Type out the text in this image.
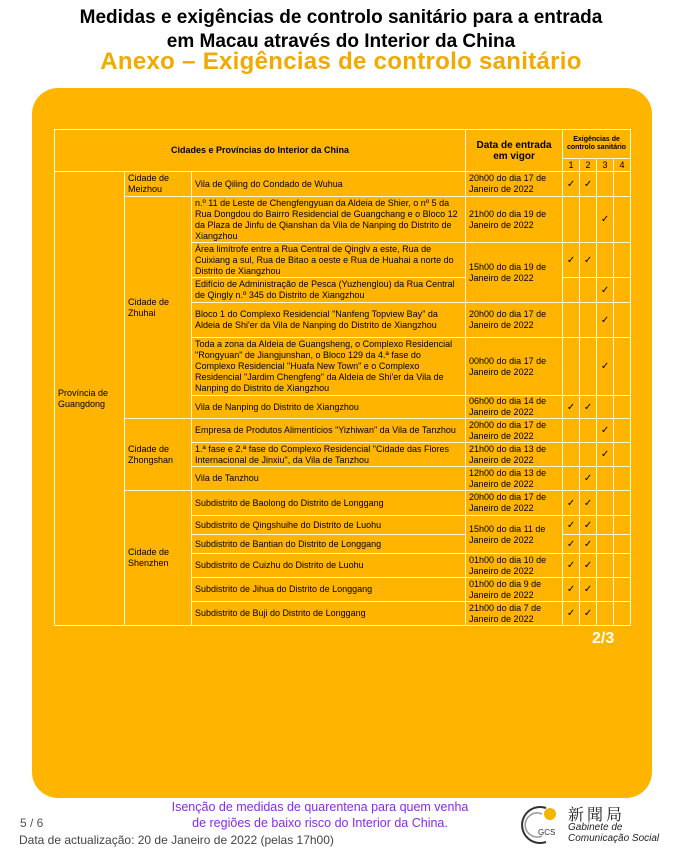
Medidas e exigências de controlo sanitário para a entrada
em Macau através do Interior da China
Anexo – Exigências de controlo sanitário
Cidades e Províncias do Interior da China			Data de entrada em vigor	Exigências de controlo sanitário			
				1	2	3	4
Província de Guangdong	Cidade de Meizhou	Vila de Qiling do Condado de Wuhua	20h00 do dia 17 de Janeiro de 2022	✓	✓		
	Cidade de Zhuhai	n.º 11 de Leste de Chengfengyuan da Aldeia de Shier, o nº 5 da Rua Dongdou do Bairro Residencial de Guangchang e o Bloco 12 da Plaza de Jinfu de Qianshan da Vila de Nanping do Distrito de Xiangzhou	21h00 do dia 19 de Janeiro de 2022			✓	
		Área limítrofe entre a Rua Central de Qinglv a este, Rua de Cuixiang a sul, Rua de Bitao a oeste e Rua de Huahai a norte do Distrito de Xiangzhou	15h00 do dia 19 de Janeiro de 2022	✓	✓		
		Edifício de Administração de Pesca (Yuzhenglou) da Rua Central de Qingly n.º 345 do Distrito de Xiangzhou				✓	
		Bloco 1 do Complexo Residencial "Nanfeng Topview Bay" da Aldeia de Shi'er da Vila de Nanping do Distrito de Xiangzhou	20h00 do dia 17 de Janeiro de 2022			✓	
		Toda a zona da Aldeia de Guangsheng, o Complexo Residencial "Rongyuan" de Jiangjunshan, o Bloco 129 da 4.ª fase do Complexo Residencial "Huafa New Town" e o Complexo Residencial "Jardim Chengfeng" da Aldeia de Shi'er da Vila de Nanping do Distrito de Xiangzhou	00h00 do dia 17 de Janeiro de 2022			✓	
		Vila de Nanping do Distrito de Xiangzhou	06h00 do dia 14 de Janeiro de 2022	✓	✓		
	Cidade de Zhongshan	Empresa de Produtos Alimentícios "Yizhiwan" da Vila de Tanzhou	20h00 do dia 17 de Janeiro de 2022			✓	
		1.ª fase e 2.ª fase do Complexo Residencial "Cidade das Flores Internacional de Jinxiu", da Vila de Tanzhou	21h00 do dia 13 de Janeiro de 2022			✓	
		Vila de Tanzhou	12h00 do dia 13 de Janeiro de 2022		✓		
	Cidade de Shenzhen	Subdistrito de Baolong do Distrito de Longgang	20h00 do dia 17 de Janeiro de 2022	✓	✓		
		Subdistrito de Qingshuihe do Distrito de Luohu	15h00 do dia 11 de Janeiro de 2022	✓	✓		
		Subdistrito de Bantian do Distrito de Longgang		✓	✓		
		Subdistrito de Cuizhu do Distrito de Luohu	01h00 do dia 10 de Janeiro de 2022	✓	✓		
		Subdistrito de Jihua do Distrito de Longgang	01h00 do dia 9 de Janeiro de 2022	✓	✓		
		Subdistrito de Buji do Distrito de Longgang	21h00 do dia 7 de Janeiro de 2022	✓	✓		
2/3
5 / 6
Data de actualização: 20 de Janeiro de 2022 (pelas 17h00)
Isenção de medidas de quarentena para quem venha
de regiões de baixo risco do Interior da China.
GCS
新聞局
Gabinete de
Comunicação Social
